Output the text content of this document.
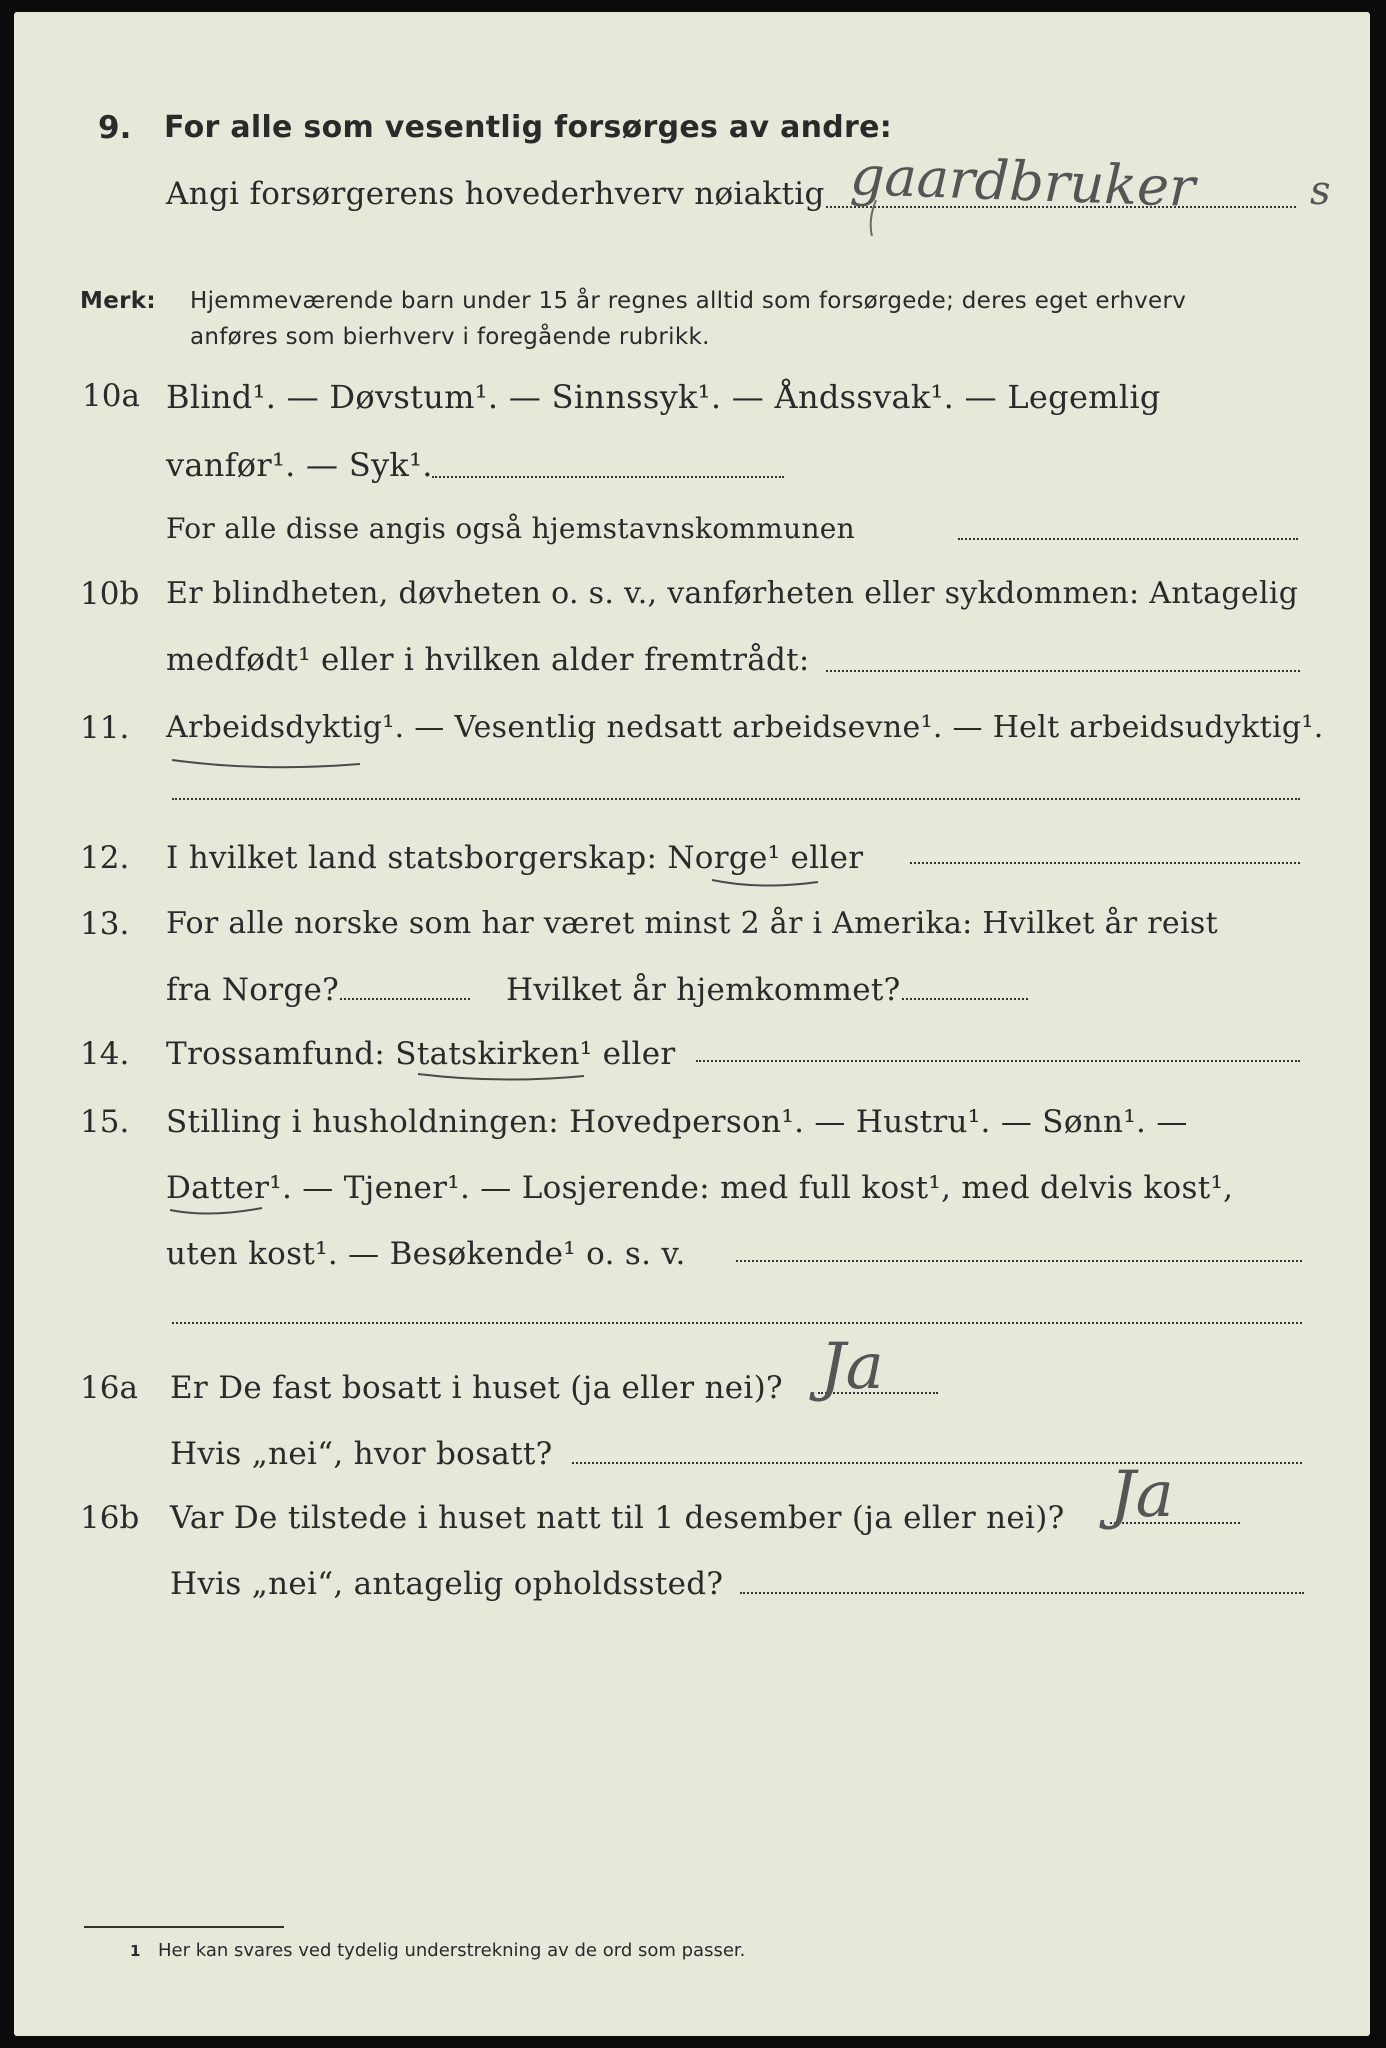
9. For alle som vesentlig forsørges av andre:
Angi forsørgerens hovederhverv nøiaktig gaardbruker	s
Merk: Hjemmeværende barn under 15 år regnes alltid som forsørgede; deres eget erhverv
anføres som bierhverv i foregående rubrikk.
10a Blind¹. — Døvstum¹. — Sinnssyk¹. — Åndssvak¹. — Legemlig
vanfør¹. — Syk¹.
For alle disse angis også hjemstavnskommunen
10b Er blindheten, døvheten o. s. v., vanførheten eller sykdommen: Antagelig
medfødt¹ eller i hvilken alder fremtrådt:
11. Arbeidsdyktig¹. — Vesentlig nedsatt arbeidsevne¹. — Helt arbeidsudyktig¹.
12. I hvilket land statsborgerskap: Norge¹ eller
13. For alle norske som har været minst 2 år i Amerika: Hvilket år reist
fra Norge?	Hvilket år hjemkommet?
14. Trossamfund: Statskirken¹ eller
15. Stilling i husholdningen: Hovedperson¹. — Hustru¹. — Sønn¹. —
Datter¹. — Tjener¹. — Losjerende: med full kost¹, med delvis kost¹,
uten kost¹. — Besøkende¹ o. s. v.
16a Er De fast bosatt i huset (ja eller nei)? Ja
Hvis „nei“, hvor bosatt?
16b Var De tilstede i huset natt til 1 desember (ja eller nei)? Ja
Hvis „nei“, antagelig opholdssted?
1 Her kan svares ved tydelig understrekning av de ord som passer.
